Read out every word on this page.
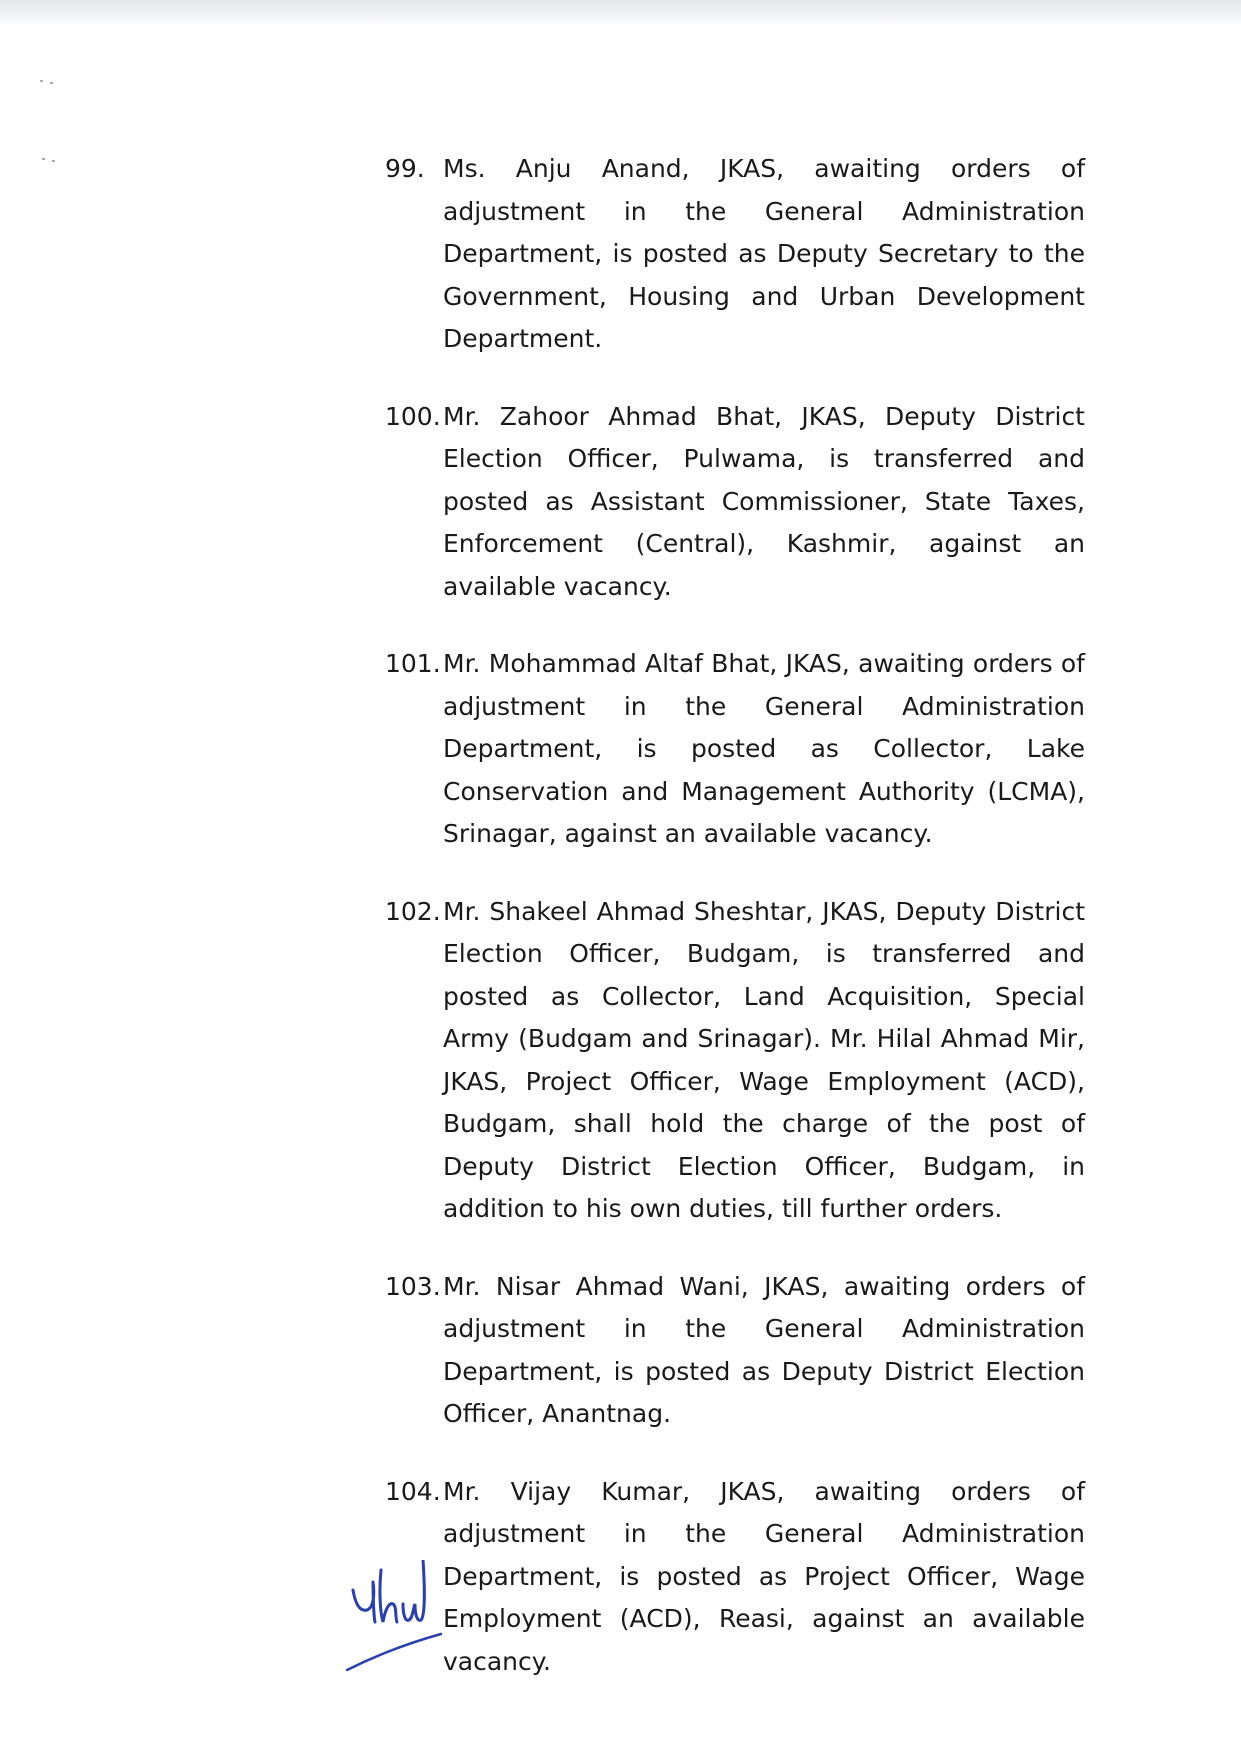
99. Ms. Anju Anand, JKAS, awaiting orders of adjustment in the General Administration Department, is posted as Deputy Secretary to the Government, Housing and Urban Development Department.

100. Mr. Zahoor Ahmad Bhat, JKAS, Deputy District Election Officer, Pulwama, is transferred and posted as Assistant Commissioner, State Taxes, Enforcement (Central), Kashmir, against an available vacancy.

101. Mr. Mohammad Altaf Bhat, JKAS, awaiting orders of adjustment in the General Administration Department, is posted as Collector, Lake Conservation and Management Authority (LCMA), Srinagar, against an available vacancy.

102. Mr. Shakeel Ahmad Sheshtar, JKAS, Deputy District Election Officer, Budgam, is transferred and posted as Collector, Land Acquisition, Special Army (Budgam and Srinagar). Mr. Hilal Ahmad Mir, JKAS, Project Officer, Wage Employment (ACD), Budgam, shall hold the charge of the post of Deputy District Election Officer, Budgam, in addition to his own duties, till further orders.

103. Mr. Nisar Ahmad Wani, JKAS, awaiting orders of adjustment in the General Administration Department, is posted as Deputy District Election Officer, Anantnag.

104. Mr. Vijay Kumar, JKAS, awaiting orders of adjustment in the General Administration Department, is posted as Project Officer, Wage Employment (ACD), Reasi, against an available vacancy.
